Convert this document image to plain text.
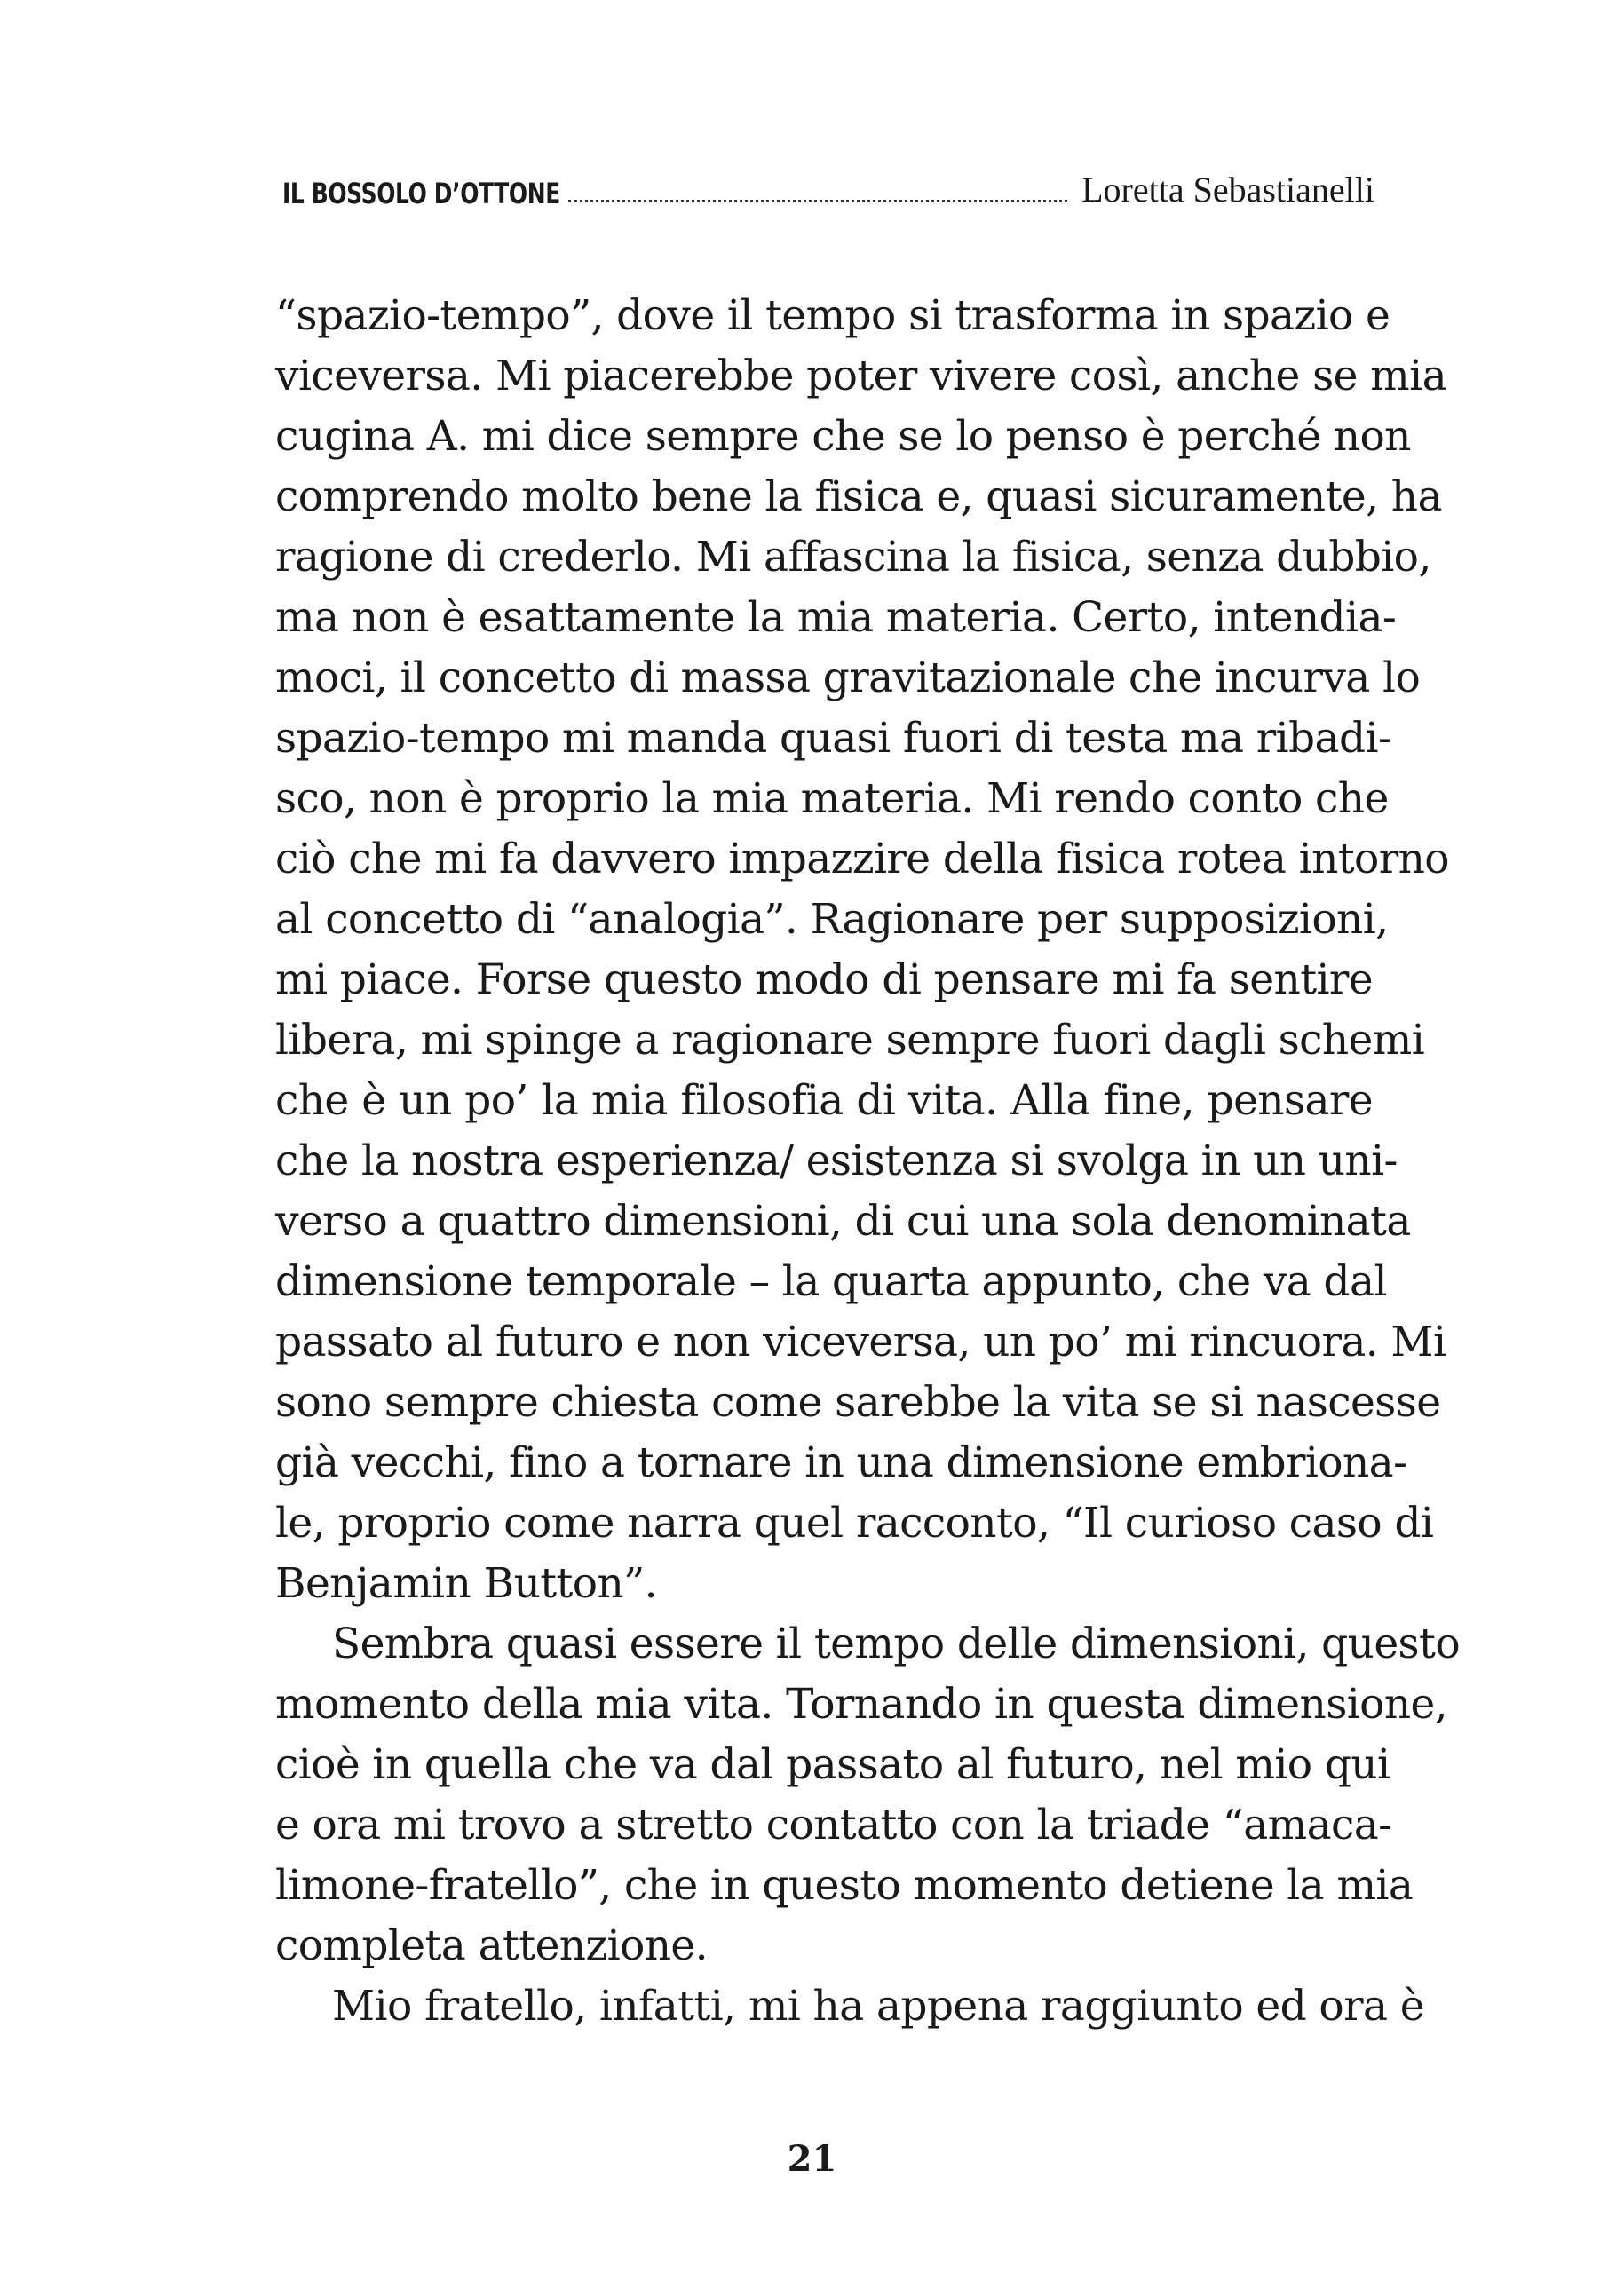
IL BOSSOLO D’OTTONE	Loretta Sebastianelli
“spazio-tempo”, dove il tempo si trasforma in spazio e
viceversa. Mi piacerebbe poter vivere così, anche se mia
cugina A. mi dice sempre che se lo penso è perché non
comprendo molto bene la fisica e, quasi sicuramente, ha
ragione di crederlo. Mi affascina la fisica, senza dubbio,
ma non è esattamente la mia materia. Certo, intendia-
moci, il concetto di massa gravitazionale che incurva lo
spazio-tempo mi manda quasi fuori di testa ma ribadi-
sco, non è proprio la mia materia. Mi rendo conto che
ciò che mi fa davvero impazzire della fisica rotea intorno
al concetto di “analogia”. Ragionare per supposizioni,
mi piace. Forse questo modo di pensare mi fa sentire
libera, mi spinge a ragionare sempre fuori dagli schemi
che è un po’ la mia filosofia di vita. Alla fine, pensare
che la nostra esperienza/ esistenza si svolga in un uni-
verso a quattro dimensioni, di cui una sola denominata
dimensione temporale – la quarta appunto, che va dal
passato al futuro e non viceversa, un po’ mi rincuora. Mi
sono sempre chiesta come sarebbe la vita se si nascesse
già vecchi, fino a tornare in una dimensione embriona-
le, proprio come narra quel racconto, “Il curioso caso di
Benjamin Button”.
Sembra quasi essere il tempo delle dimensioni, questo
momento della mia vita. Tornando in questa dimensione,
cioè in quella che va dal passato al futuro, nel mio qui
e ora mi trovo a stretto contatto con la triade “amaca-
limone-fratello”, che in questo momento detiene la mia
completa attenzione.
Mio fratello, infatti, mi ha appena raggiunto ed ora è
21
